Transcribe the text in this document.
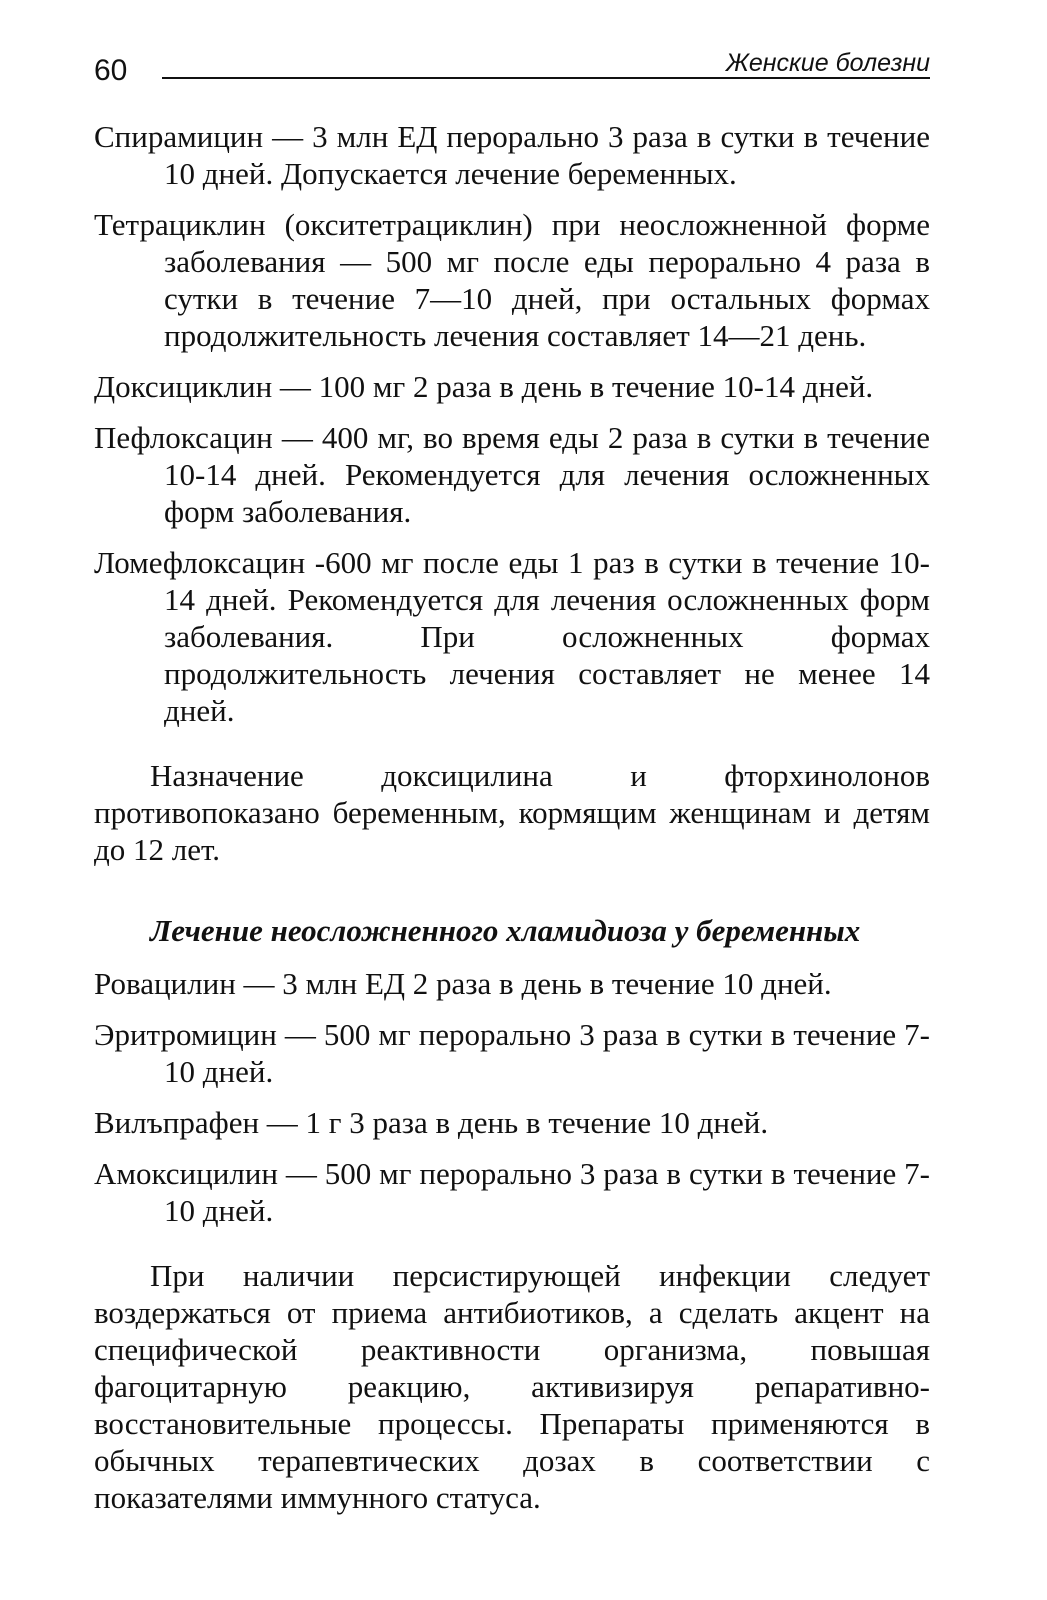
60	Женские болезни

Спирамицин — 3 млн ЕД перорально 3 раза в сутки в течение 10 дней. Допускается лечение беременных.

Тетрациклин (окситетрациклин) при неосложненной форме заболевания — 500 мг после еды перорально 4 раза в сутки в течение 7—10 дней, при остальных формах продолжительность лечения составляет 14—21 день.

Доксициклин — 100 мг 2 раза в день в течение 10-14 дней.

Пефлоксацин — 400 мг, во время еды 2 раза в сутки в течение 10-14 дней. Рекомендуется для лечения осложненных форм заболевания.

Ломефлоксацин -600 мг после еды 1 раз в сутки в течение 10-14 дней. Рекомендуется для лечения осложненных форм заболевания. При осложненных формах продолжительность лечения составляет не менее 14 дней.

Назначение доксицилина и фторхинолонов противопоказано беременным, кормящим женщинам и детям до 12 лет.

Лечение неосложненного хламидиоза у беременных

Ровацилин — 3 млн ЕД 2 раза в день в течение 10 дней.

Эритромицин — 500 мг перорально 3 раза в сутки в течение 7-10 дней.

Вилъпрафен — 1 г 3 раза в день в течение 10 дней.

Амоксицилин — 500 мг перорально 3 раза в сутки в течение 7-10 дней.

При наличии персистирующей инфекции следует воздержаться от приема антибиотиков, а сделать акцент на специфической реактивности организма, повышая фагоцитарную реакцию, активизируя репаративно-восстановительные процессы. Препараты применяются в обычных терапевтических дозах в соответствии с показателями иммунного статуса.
